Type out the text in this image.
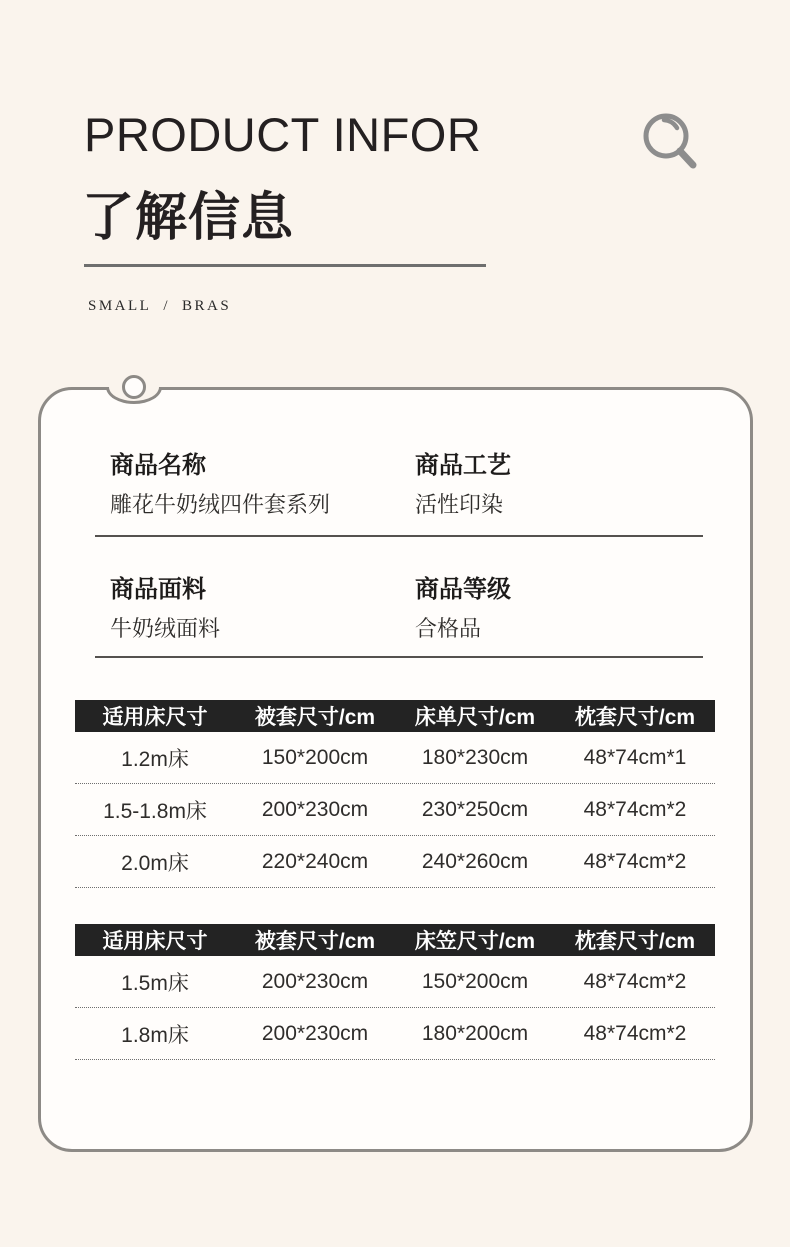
PRODUCT INFOR
了解信息
SMALL / BRAS
商品名称
雕花牛奶绒四件套系列
商品工艺
活性印染
商品面料
牛奶绒面料
商品等级
合格品
适用床尺寸	被套尺寸/cm	床单尺寸/cm	枕套尺寸/cm
1.2m床	150*200cm	180*230cm	48*74cm*1
1.5-1.8m床	200*230cm	230*250cm	48*74cm*2
2.0m床	220*240cm	240*260cm	48*74cm*2
适用床尺寸	被套尺寸/cm	床笠尺寸/cm	枕套尺寸/cm
1.5m床	200*230cm	150*200cm	48*74cm*2
1.8m床	200*230cm	180*200cm	48*74cm*2
